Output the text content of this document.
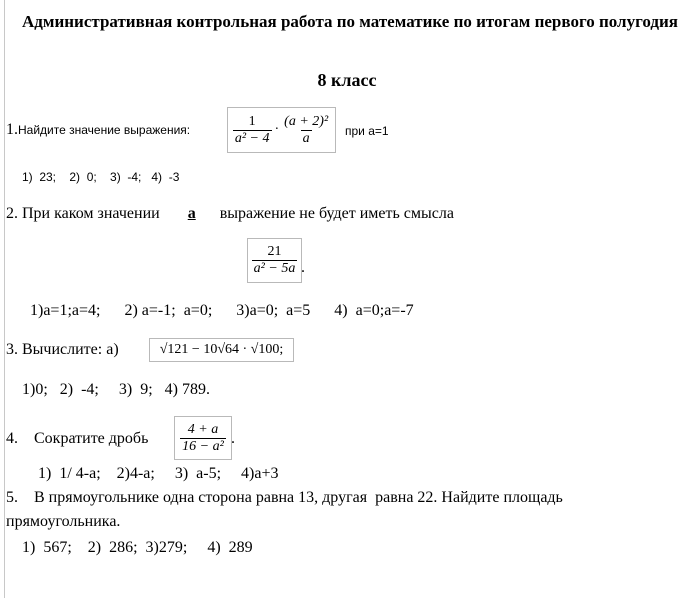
Административная контрольная работа по математике по итогам первого полугодия
8 класс
1.Найдите значение выражения:	$\frac{1}{\text{a² − 4}} \cdot \frac{\text{(a + 2)²}}{a}$ при a=1
1)  23;    2)  0;    3)  -4;   4)  -3
2. При каком значении a выражение не будет иметь смысла
$\frac{21}{\text{a² − 5a}}$ .
1)a=1;a=4;      2) a=-1;  a=0;      3)a=0;  a=5      4)  a=0;a=-7
3. Вычислите: а)	√121 − 10√64 · √100;
1)0;   2)  -4;     3)  9;   4) 789.
4.    Сократите дробь $\frac{4 + a}{\text{16 − a²}}$ .
1)  1/ 4-a;    2)4-a;     3)  a-5;     4)a+3
5.    В прямоугольнике одна сторона равна 13, другая  равна 22. Найдите площадь
прямоугольника.
1)  567;    2)  286;  3)279;     4)  289
